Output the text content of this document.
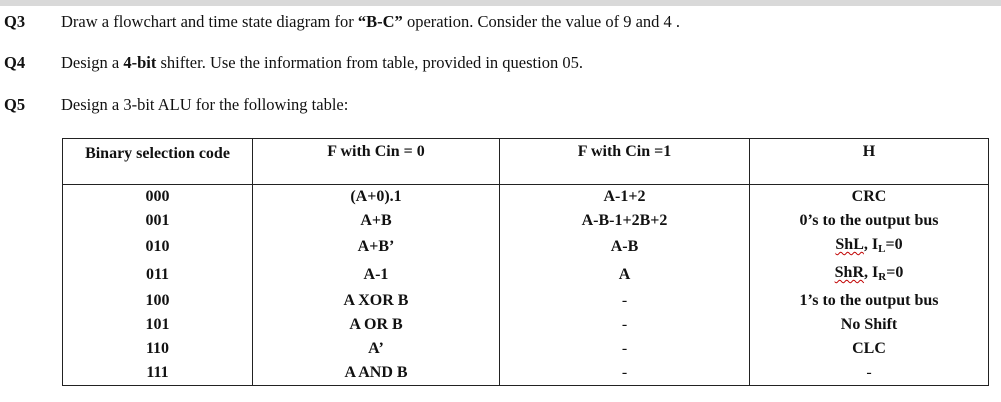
Q3 Draw a flowchart and time state diagram for “B-C” operation. Consider the value of 9 and 4 .
Q4 Design a 4-bit shifter. Use the information from table, provided in question 05.
Q5 Design a 3-bit ALU for the following table:
Binary selection code	F with Cin = 0	F with Cin =1	H
000	(A+0).1	A-1+2	CRC
001	A+B	A-B-1+2B+2	0’s to the output bus
010	A+B’	A-B	ShL, $I_L=0$
011	A-1	A	ShR, $I_R=0$
100	A XOR B	-	1’s to the output bus
101	A OR B	-	No Shift
110	A’	-	CLC
111	A AND B	-	-
